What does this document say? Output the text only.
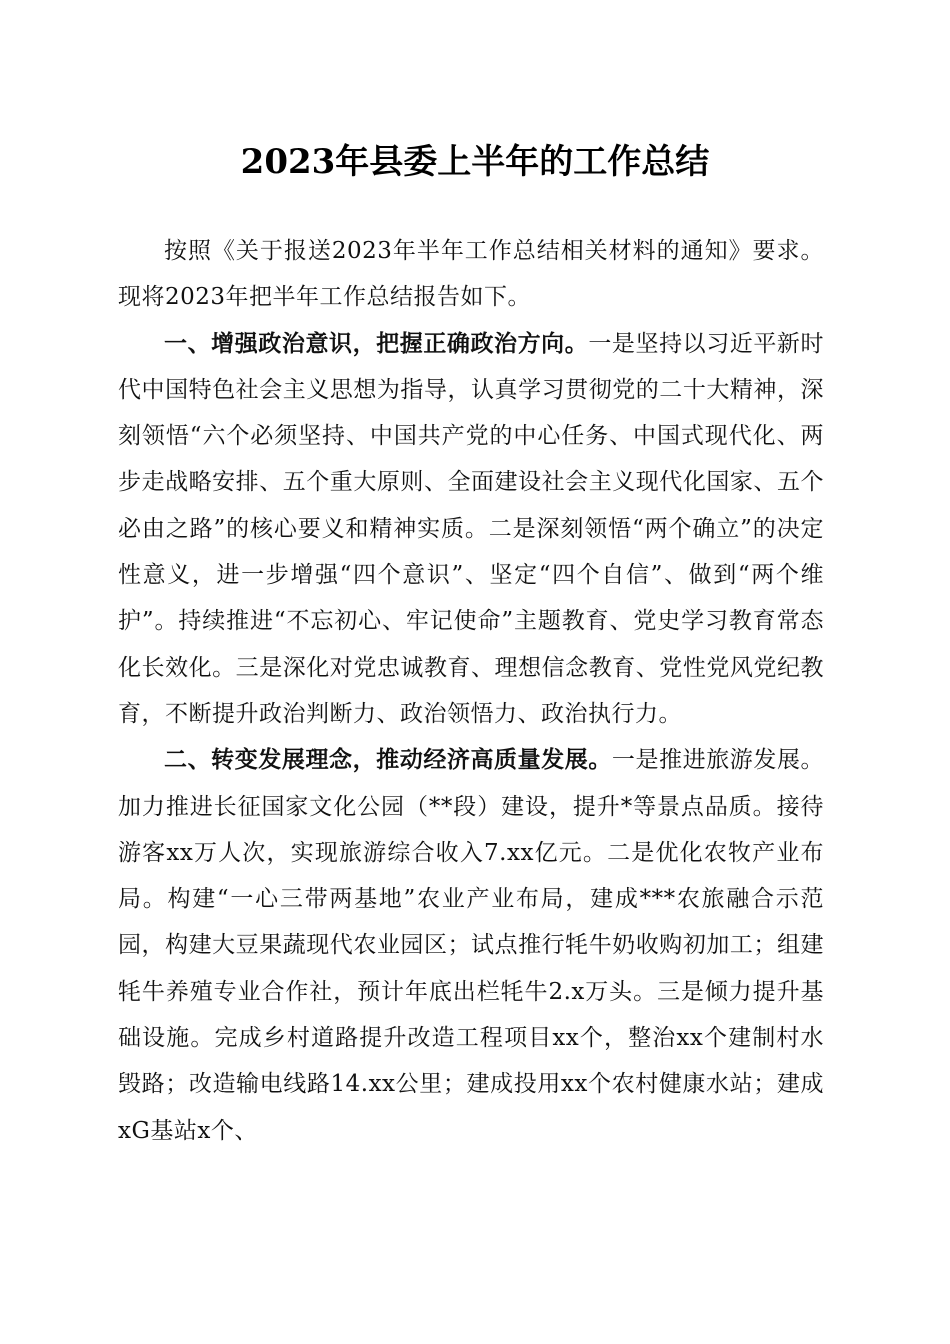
2023年县委上半年的工作总结

按照《关于报送2023年半年工作总结相关材料的通知》要求。现将2023年把半年工作总结报告如下。

一、增强政治意识，把握正确政治方向。一是坚持以习近平新时代中国特色社会主义思想为指导，认真学习贯彻党的二十大精神，深刻领悟“六个必须坚持、中国共产党的中心任务、中国式现代化、两步走战略安排、五个重大原则、全面建设社会主义现代化国家、五个必由之路”的核心要义和精神实质。二是深刻领悟“两个确立”的决定性意义，进一步增强“四个意识”、坚定“四个自信”、做到“两个维护”。持续推进“不忘初心、牢记使命”主题教育、党史学习教育常态化长效化。三是深化对党忠诚教育、理想信念教育、党性党风党纪教育，不断提升政治判断力、政治领悟力、政治执行力。

二、转变发展理念，推动经济高质量发展。一是推进旅游发展。加力推进长征国家文化公园（**段）建设，提升*等景点品质。接待游客xx万人次，实现旅游综合收入7.xx亿元。二是优化农牧产业布局。构建“一心三带两基地”农业产业布局，建成***农旅融合示范园，构建大豆果蔬现代农业园区；试点推行牦牛奶收购初加工；组建牦牛养殖专业合作社，预计年底出栏牦牛2.x万头。三是倾力提升基础设施。完成乡村道路提升改造工程项目xx个，整治xx个建制村水毁路；改造输电线路14.xx公里；建成投用xx个农村健康水站；建成xG基站x个、
